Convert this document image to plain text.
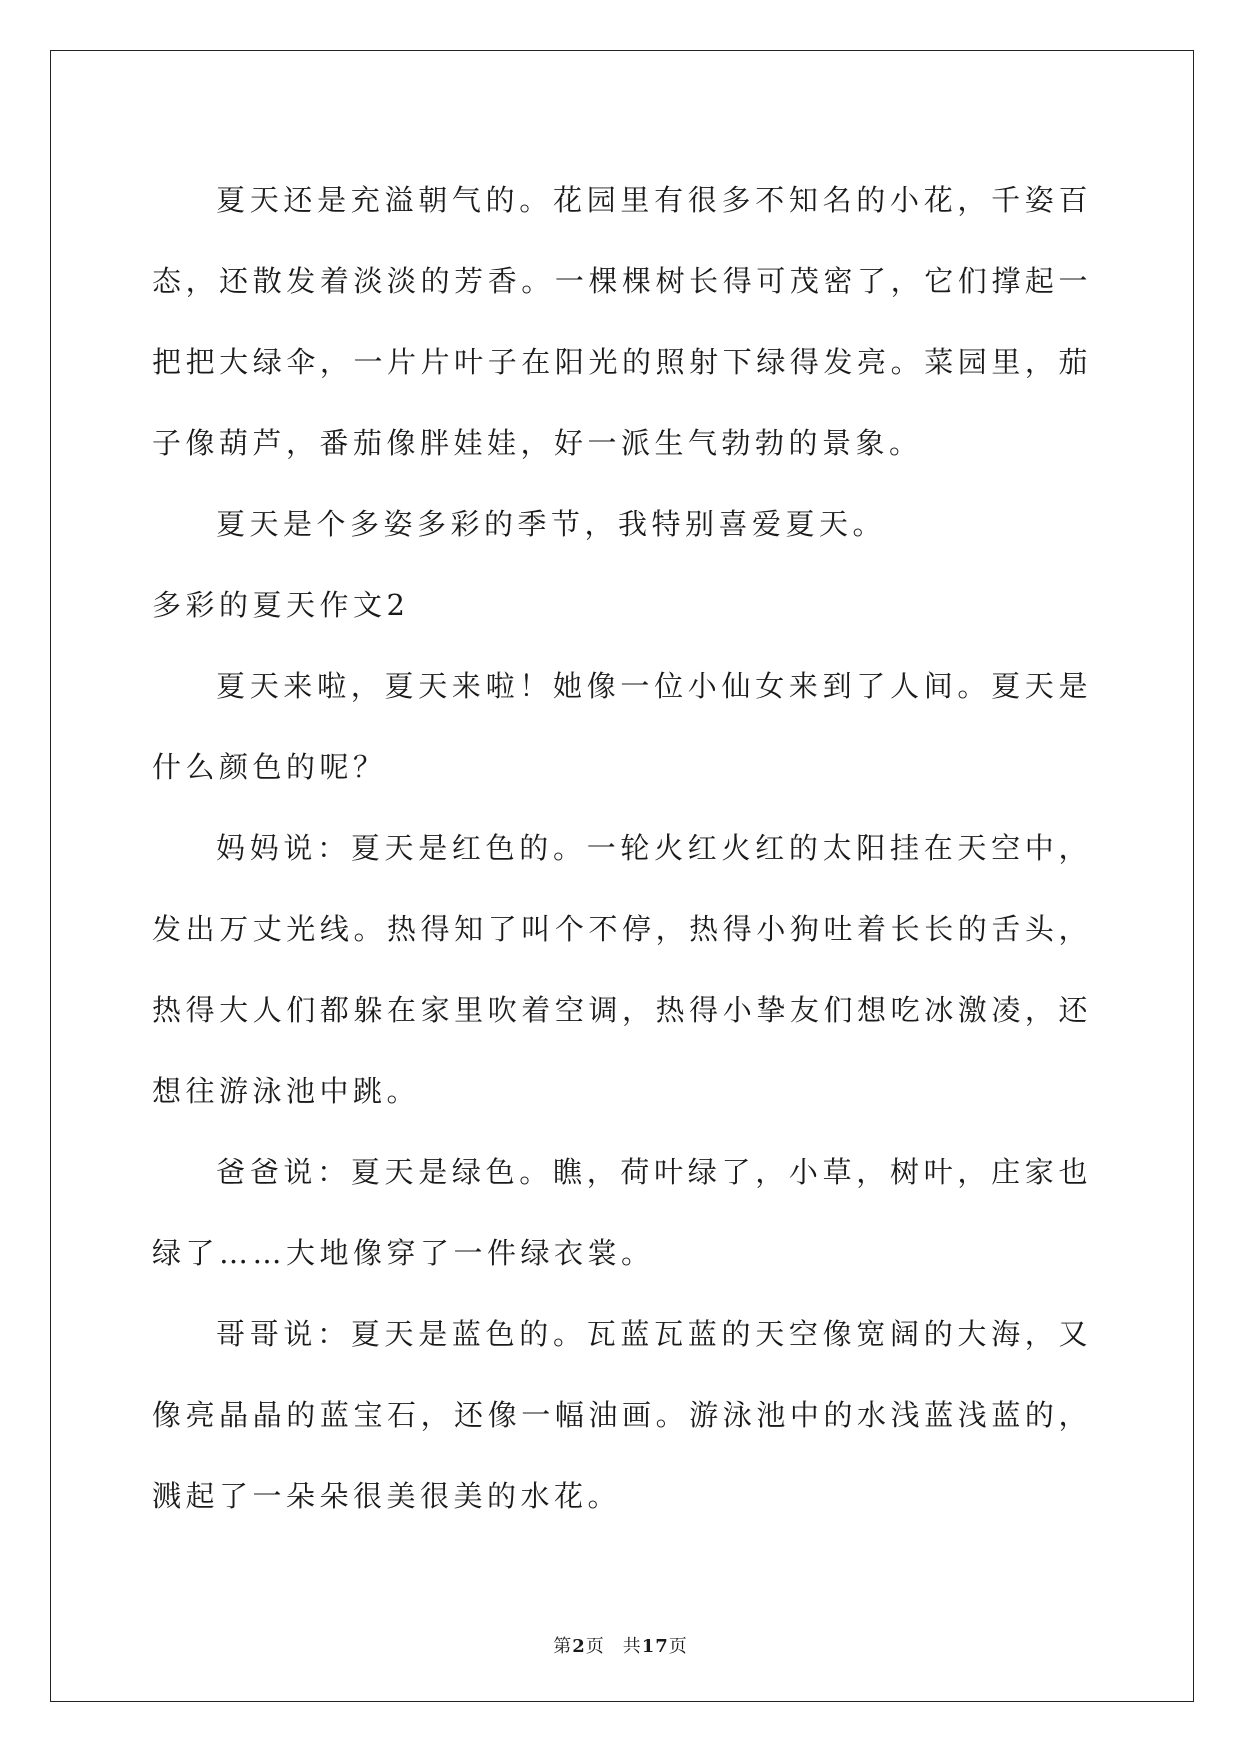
夏天还是充溢朝气的。花园里有很多不知名的小花，千姿百态，还散发着淡淡的芳香。一棵棵树长得可茂密了，它们撑起一把把大绿伞，一片片叶子在阳光的照射下绿得发亮。菜园里，茄子像葫芦，番茄像胖娃娃，好一派生气勃勃的景象。

夏天是个多姿多彩的季节，我特别喜爱夏天。

多彩的夏天作文2

夏天来啦，夏天来啦！她像一位小仙女来到了人间。夏天是什么颜色的呢？

妈妈说：夏天是红色的。一轮火红火红的太阳挂在天空中，发出万丈光线。热得知了叫个不停，热得小狗吐着长长的舌头，热得大人们都躲在家里吹着空调，热得小挚友们想吃冰激凌，还想往游泳池中跳。

爸爸说：夏天是绿色。瞧，荷叶绿了，小草，树叶，庄家也绿了……大地像穿了一件绿衣裳。

哥哥说：夏天是蓝色的。瓦蓝瓦蓝的天空像宽阔的大海，又像亮晶晶的蓝宝石，还像一幅油画。游泳池中的水浅蓝浅蓝的，溅起了一朵朵很美很美的水花。

第2页 共17页
